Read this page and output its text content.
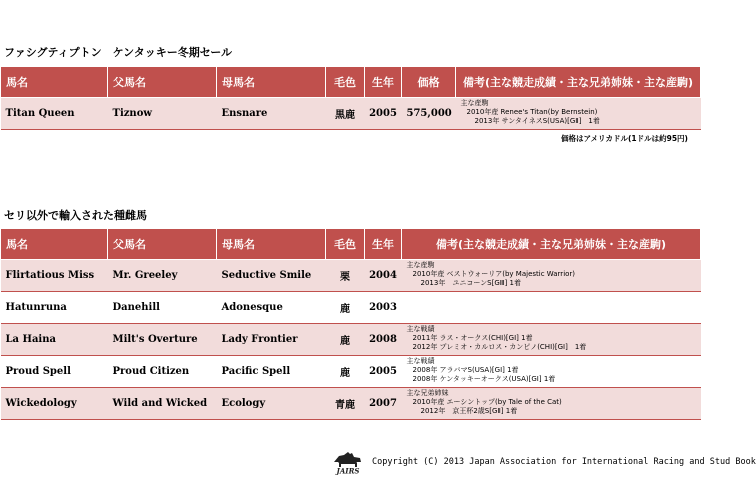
ファシグティプトン　ケンタッキー冬期セール
馬名	父馬名	母馬名	毛色	生年	価格	備考(主な競走成績・主な兄弟姉妹・主な産駒)
Titan Queen	Tiznow	Ensnare	黒鹿	2005	575,000	主な産駒
2010年産 Renee's Titan(by Bernstein)
2013年 サンタイネスS(USA)[GⅡ]　1着
価格はアメリカドル(1ドルは約95円)
セリ以外で輸入された種雌馬
馬名	父馬名	母馬名	毛色	生年	備考(主な競走成績・主な兄弟姉妹・主な産駒)
Flirtatious Miss	Mr. Greeley	Seductive Smile	栗	2004	主な産駒
2010年産 ベストウォーリア(by Majestic Warrior)
2013年　ユニコーンS[GⅢ] 1着

Hatunruna	Danehill	Adonesque	鹿	2003	
La Haina	Milt's Overture	Lady Frontier	鹿	2008	主な戦績
2011年 ラス・オークス(CHI)[GⅠ] 1着
2012年 プレミオ・カルロス・カンピノ(CHI)[GⅠ]　1着

Proud Spell	Proud Citizen	Pacific Spell	鹿	2005	主な戦績
2008年 アラバマS(USA)[GⅠ] 1着
2008年 ケンタッキーオークス(USA)[GⅠ] 1着

Wickedology	Wild and Wicked	Ecology	青鹿	2007	主な兄弟姉妹
2010年産 エーシントップ(by Tale of the Cat)
2012年　京王杯2歳S[GⅡ] 1着
JAIRS
Copyright (C) 2013 Japan Association for International Racing and Stud Book
